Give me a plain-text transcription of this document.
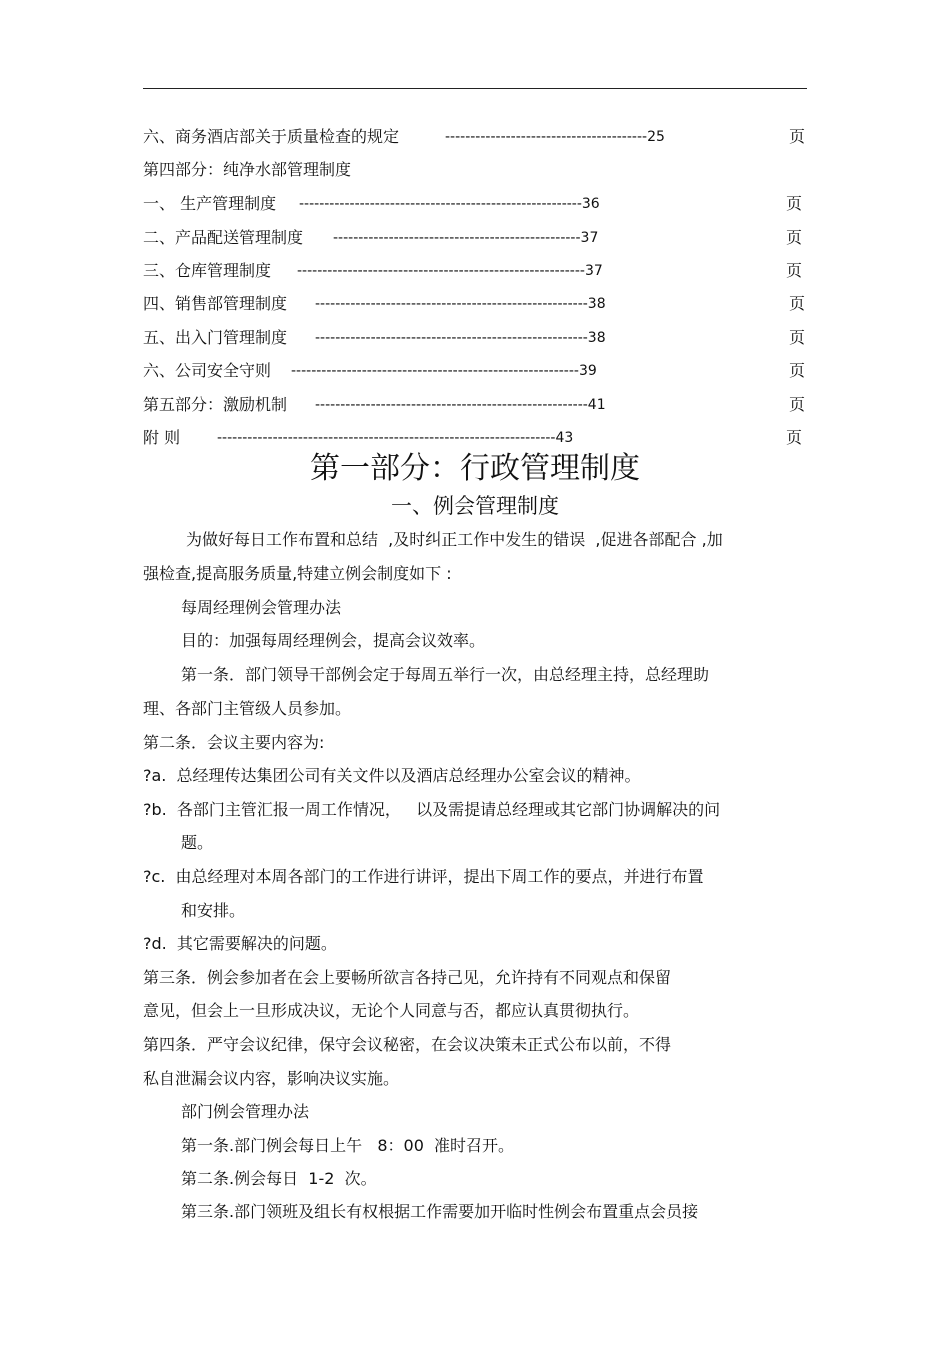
六、商务酒店部关于质量检查的规定	----------------------------------------25	页
第四部分：纯净水部管理制度
一、 生产管理制度 --------------------------------------------------------36	页
二、产品配送管理制度 -------------------------------------------------37	页
三、仓库管理制度 ---------------------------------------------------------37	页
四、销售部管理制度 ------------------------------------------------------38	页
五、出入门管理制度 ------------------------------------------------------38	页
六、公司安全守则 ---------------------------------------------------------39	页
第五部分：激励机制 ------------------------------------------------------41	页
附 则	-------------------------------------------------------------------43	页
第一部分：行政管理制度
一、例会管理制度
为做好每日工作布置和总结  ,及时纠正工作中发生的错误  ,促进各部配合 ,加
强检查,提高服务质量,特建立例会制度如下 :
每周经理例会管理办法
目的：加强每周经理例会，提高会议效率。
第一条．部门领导干部例会定于每周五举行一次，由总经理主持，总经理助
理、各部门主管级人员参加。
第二条．会议主要内容为:
?a.  总经理传达集团公司有关文件以及酒店总经理办公室会议的精神。
?b.  各部门主管汇报一周工作情况，   以及需提请总经理或其它部门协调解决的问
题。
?c.  由总经理对本周各部门的工作进行讲评，提出下周工作的要点，并进行布置
和安排。
?d.  其它需要解决的问题。
第三条．例会参加者在会上要畅所欲言各持己见，允许持有不同观点和保留
意见，但会上一旦形成决议，无论个人同意与否，都应认真贯彻执行。
第四条．严守会议纪律，保守会议秘密，在会议决策未正式公布以前，不得
私自泄漏会议内容，影响决议实施。
部门例会管理办法
第一条.部门例会每日上午   8：00  准时召开。
第二条.例会每日  1-2  次。
第三条.部门领班及组长有权根据工作需要加开临时性例会布置重点会员接
